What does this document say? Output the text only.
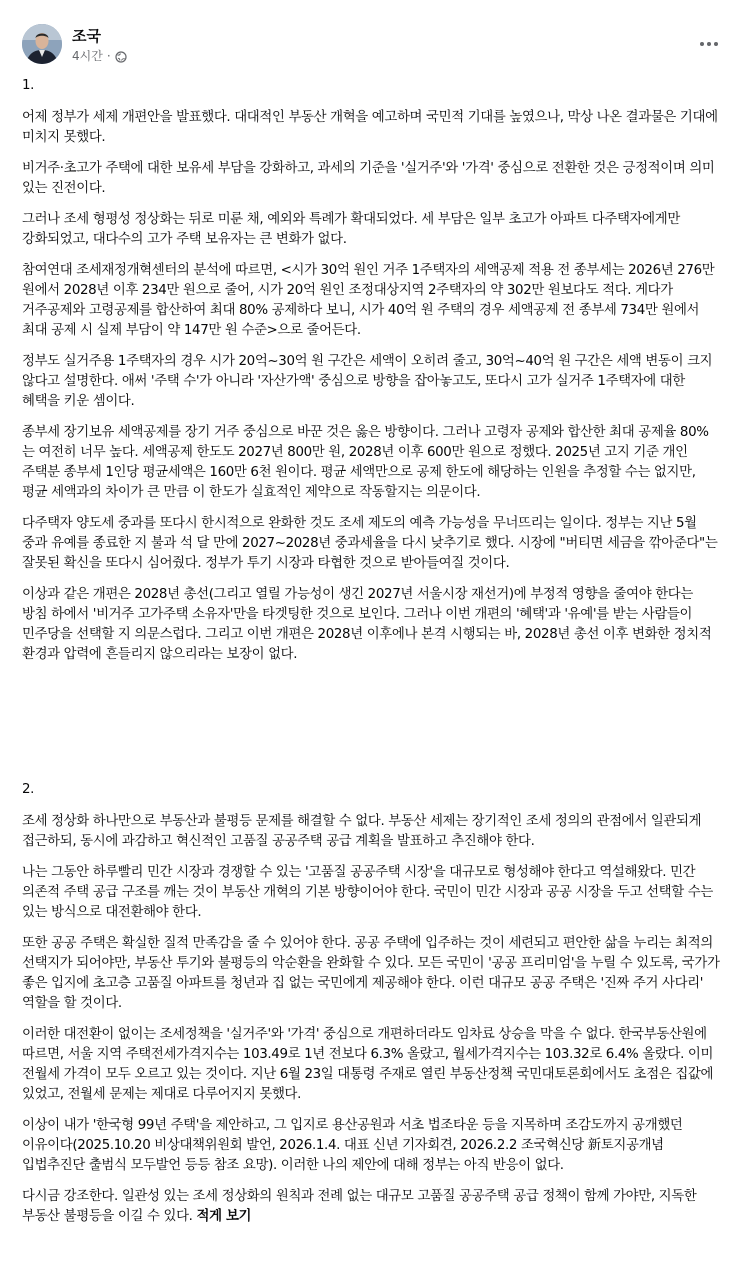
조국
4시간 ·
1.

어제 정부가 세제 개편안을 발표했다. 대대적인 부동산 개혁을 예고하며 국민적 기대를 높였으나, 막상 나온 결과물은 기대에 미치지 못했다.

비거주·초고가 주택에 대한 보유세 부담을 강화하고, 과세의 기준을 '실거주'와 '가격' 중심으로 전환한 것은 긍정적이며 의미 있는 진전이다.

그러나 조세 형평성 정상화는 뒤로 미룬 채, 예외와 특례가 확대되었다. 세 부담은 일부 초고가 아파트 다주택자에게만 강화되었고, 대다수의 고가 주택 보유자는 큰 변화가 없다.

참여연대 조세재정개혁센터의 분석에 따르면, <시가 30억 원인 거주 1주택자의 세액공제 적용 전 종부세는 2026년 276만 원에서 2028년 이후 234만 원으로 줄어, 시가 20억 원인 조정대상지역 2주택자의 약 302만 원보다도 적다. 게다가 거주공제와 고령공제를 합산하여 최대 80% 공제하다 보니, 시가 40억 원 주택의 경우 세액공제 전 종부세 734만 원에서 최대 공제 시 실제 부담이 약 147만 원 수준>으로 줄어든다.

정부도 실거주용 1주택자의 경우 시가 20억~30억 원 구간은 세액이 오히려 줄고, 30억~40억 원 구간은 세액 변동이 크지 않다고 설명한다. 애써 '주택 수'가 아니라 '자산가액' 중심으로 방향을 잡아놓고도, 또다시 고가 실거주 1주택자에 대한 혜택을 키운 셈이다.

종부세 장기보유 세액공제를 장기 거주 중심으로 바꾼 것은 옳은 방향이다. 그러나 고령자 공제와 합산한 최대 공제율 80%는 여전히 너무 높다. 세액공제 한도도 2027년 800만 원, 2028년 이후 600만 원으로 정했다. 2025년 고지 기준 개인 주택분 종부세 1인당 평균세액은 160만 6천 원이다. 평균 세액만으로 공제 한도에 해당하는 인원을 추정할 수는 없지만, 평균 세액과의 차이가 큰 만큼 이 한도가 실효적인 제약으로 작동할지는 의문이다.

다주택자 양도세 중과를 또다시 한시적으로 완화한 것도 조세 제도의 예측 가능성을 무너뜨리는 일이다. 정부는 지난 5월 중과 유예를 종료한 지 불과 석 달 만에 2027~2028년 중과세율을 다시 낮추기로 했다. 시장에 "버티면 세금을 깎아준다"는 잘못된 확신을 또다시 심어줬다. 정부가 투기 시장과 타협한 것으로 받아들여질 것이다.

이상과 같은 개편은 2028년 총선(그리고 열릴 가능성이 생긴 2027년 서울시장 재선거)에 부정적 영향을 줄여야 한다는 방침 하에서 '비거주 고가주택 소유자'만을 타겟팅한 것으로 보인다. 그러나 이번 개편의 '혜택'과 '유예'를 받는 사람들이 민주당을 선택할 지 의문스럽다. 그리고 이번 개편은 2028년 이후에나 본격 시행되는 바, 2028년 총선 이후 변화한 정치적 환경과 압력에 흔들리지 않으리라는 보장이 없다.

2.

조세 정상화 하나만으로 부동산과 불평등 문제를 해결할 수 없다. 부동산 세제는 장기적인 조세 정의의 관점에서 일관되게 접근하되, 동시에 과감하고 혁신적인 고품질 공공주택 공급 계획을 발표하고 추진해야 한다.

나는 그동안 하루빨리 민간 시장과 경쟁할 수 있는 '고품질 공공주택 시장'을 대규모로 형성해야 한다고 역설해왔다. 민간 의존적 주택 공급 구조를 깨는 것이 부동산 개혁의 기본 방향이어야 한다. 국민이 민간 시장과 공공 시장을 두고 선택할 수는 있는 방식으로 대전환해야 한다.

또한 공공 주택은 확실한 질적 만족감을 줄 수 있어야 한다. 공공 주택에 입주하는 것이 세련되고 편안한 삶을 누리는 최적의 선택지가 되어야만, 부동산 투기와 불평등의 악순환을 완화할 수 있다. 모든 국민이 '공공 프리미엄'을 누릴 수 있도록, 국가가 좋은 입지에 초고층 고품질 아파트를 청년과 집 없는 국민에게 제공해야 한다. 이런 대규모 공공 주택은 '진짜 주거 사다리' 역할을 할 것이다.

이러한 대전환이 없이는 조세정책을 '실거주'와 '가격' 중심으로 개편하더라도 임차료 상승을 막을 수 없다. 한국부동산원에 따르면, 서울 지역 주택전세가격지수는 103.49로 1년 전보다 6.3% 올랐고, 월세가격지수는 103.32로 6.4% 올랐다. 이미 전월세 가격이 모두 오르고 있는 것이다. 지난 6월 23일 대통령 주재로 열린 부동산정책 국민대토론회에서도 초점은 집값에 있었고, 전월세 문제는 제대로 다루어지지 못했다.

이상이 내가 '한국형 99년 주택'을 제안하고, 그 입지로 용산공원과 서초 법조타운 등을 지목하며 조감도까지 공개했던 이유이다(2025.10.20 비상대책위원회 발언, 2026.1.4. 대표 신년 기자회견, 2026.2.2 조국혁신당 新토지공개념 입법추진단 출범식 모두발언 등등 참조 요망). 이러한 나의 제안에 대해 정부는 아직 반응이 없다.

다시금 강조한다. 일관성 있는 조세 정상화의 원칙과 전례 없는 대규모 고품질 공공주택 공급 정책이 함께 가야만, 지독한 부동산 불평등을 이길 수 있다. 적게 보기
